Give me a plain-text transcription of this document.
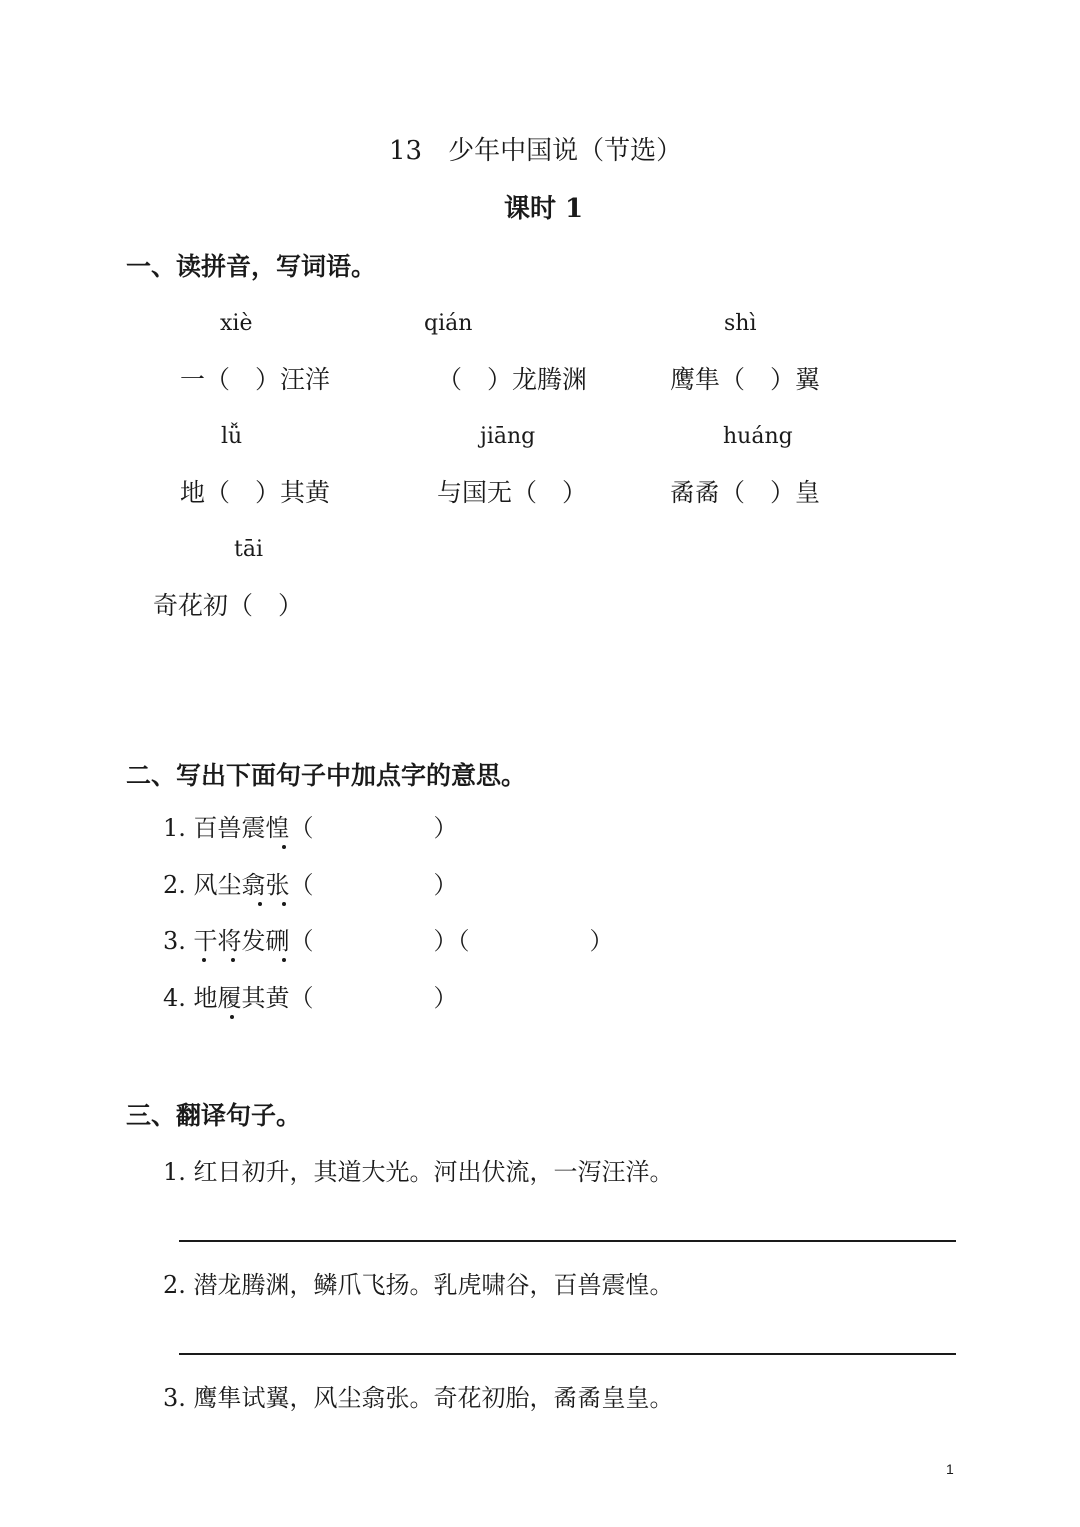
13　少年中国说（节选）
课时 1
一、读拼音，写词语。
xiè	qián	shì
一（　）汪洋	（　）龙腾渊	鹰隼（　）翼
lǚ	jiāng	huáng
地（　）其黄	与国无（　）	矞矞（　）皇
tāi
奇花初（　）
二、写出下面句子中加点字的意思。
1. 百兽震惶（　　　　　）
2. 风尘翕张（　　　　　）
3. 干将发硎（　　　　　）（　　　　　）
4. 地履其黄（　　　　　）
三、翻译句子。
1. 红日初升，其道大光。河出伏流，一泻汪洋。
2. 潜龙腾渊，鳞爪飞扬。乳虎啸谷，百兽震惶。
3. 鹰隼试翼，风尘翕张。奇花初胎，矞矞皇皇。
1
